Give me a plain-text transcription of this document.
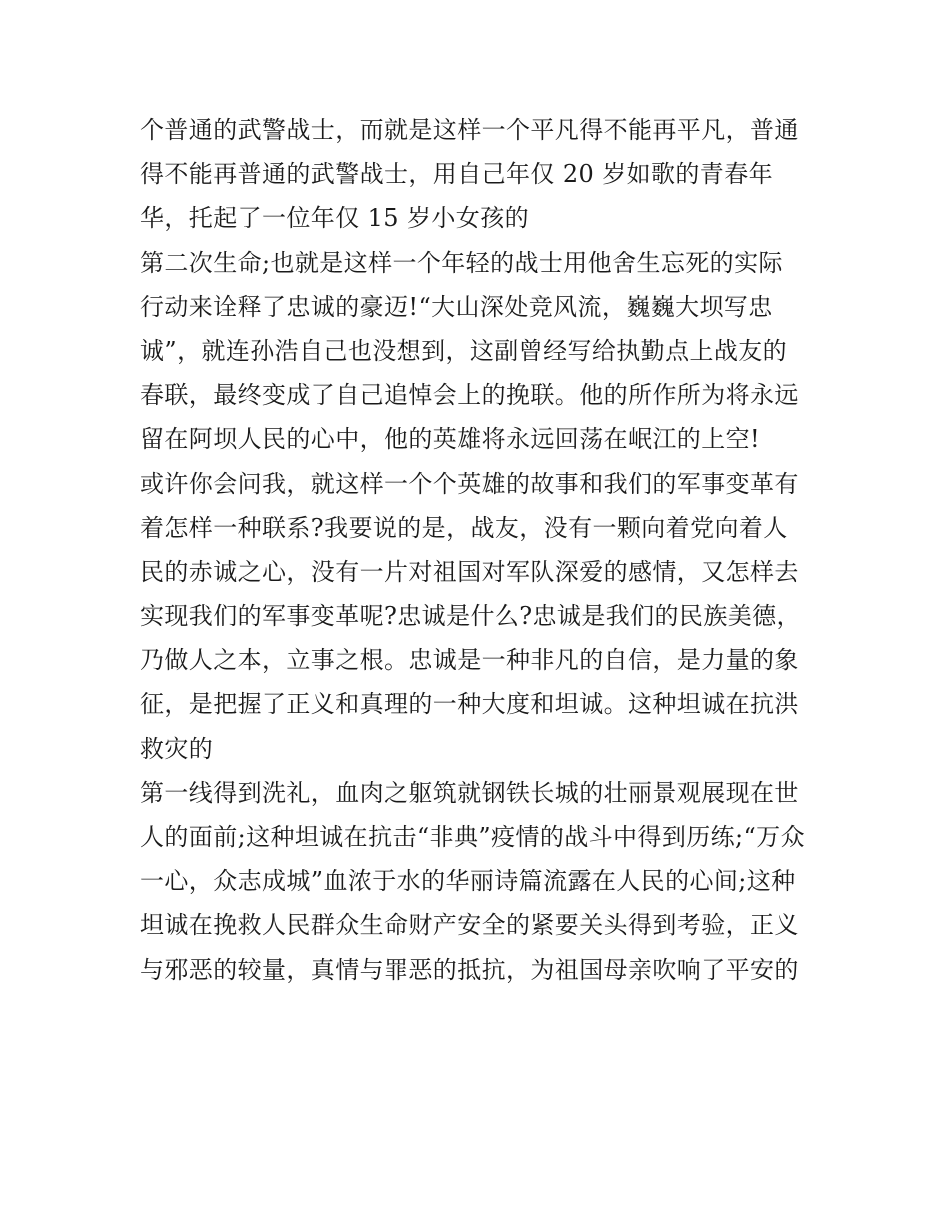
个普通的武警战士，而就是这样一个平凡得不能再平凡，普通
得不能再普通的武警战士，用自己年仅 20 岁如歌的青春年
华，托起了一位年仅 15 岁小女孩的
第二次生命;也就是这样一个年轻的战士用他舍生忘死的实际
行动来诠释了忠诚的豪迈!“大山深处竞风流，巍巍大坝写忠
诚”，就连孙浩自己也没想到，这副曾经写给执勤点上战友的
春联，最终变成了自己追悼会上的挽联。他的所作所为将永远
留在阿坝人民的心中，他的英雄将永远回荡在岷江的上空!
或许你会问我，就这样一个个英雄的故事和我们的军事变革有
着怎样一种联系?我要说的是，战友，没有一颗向着党向着人
民的赤诚之心，没有一片对祖国对军队深爱的感情，又怎样去
实现我们的军事变革呢?忠诚是什么?忠诚是我们的民族美德，
乃做人之本，立事之根。忠诚是一种非凡的自信，是力量的象
征，是把握了正义和真理的一种大度和坦诚。这种坦诚在抗洪
救灾的
第一线得到洗礼，血肉之躯筑就钢铁长城的壮丽景观展现在世
人的面前;这种坦诚在抗击“非典”疫情的战斗中得到历练;“万众
一心，众志成城”血浓于水的华丽诗篇流露在人民的心间;这种
坦诚在挽救人民群众生命财产安全的紧要关头得到考验，正义
与邪恶的较量，真情与罪恶的抵抗，为祖国母亲吹响了平安的
